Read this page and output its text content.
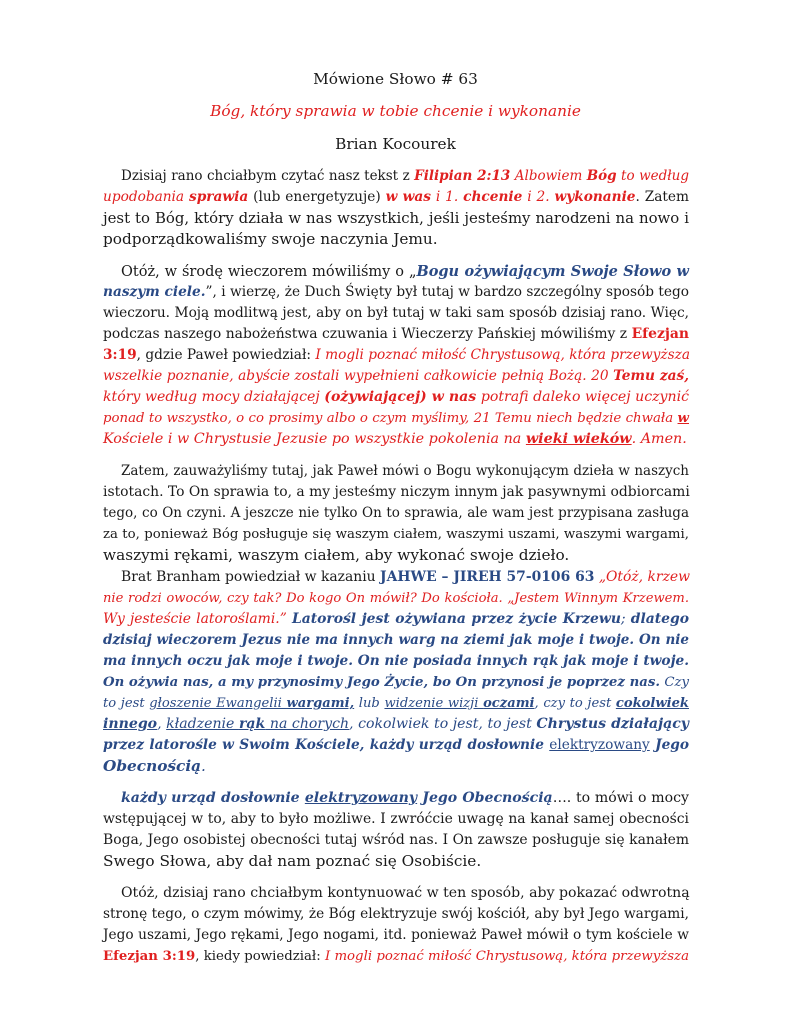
Mówione Słowo # 63
Bóg, który sprawia w tobie chcenie i wykonanie
Brian Kocourek
Dzisiaj rano chciałbym czytać nasz tekst z Filipian 2:13 Albowiem Bóg to według
upodobania sprawia (lub energetyzuje) w was i 1. chcenie i 2. wykonanie. Zatem
jest to Bóg, który działa w nas wszystkich, jeśli jesteśmy narodzeni na nowo i
podporządkowaliśmy swoje naczynia Jemu.
Otóż, w środę wieczorem mówiliśmy o „Bogu ożywiającym Swoje Słowo w
naszym ciele.”, i wierzę, że Duch Święty był tutaj w bardzo szczególny sposób tego
wieczoru. Moją modlitwą jest, aby on był tutaj w taki sam sposób dzisiaj rano. Więc,
podczas naszego nabożeństwa czuwania i Wieczerzy Pańskiej mówiliśmy z Efezjan
3:19, gdzie Paweł powiedział: I mogli poznać miłość Chrystusową, która przewyższa
wszelkie poznanie, abyście zostali wypełnieni całkowicie pełnią Bożą. 20 Temu zaś,
który według mocy działającej (ożywiającej) w nas potrafi daleko więcej uczynić
ponad to wszystko, o co prosimy albo o czym myślimy, 21 Temu niech będzie chwała w
Kościele i w Chrystusie Jezusie po wszystkie pokolenia na wieki wieków. Amen.
Zatem, zauważyliśmy tutaj, jak Paweł mówi o Bogu wykonującym dzieła w naszych
istotach. To On sprawia to, a my jesteśmy niczym innym jak pasywnymi odbiorcami
tego, co On czyni. A jeszcze nie tylko On to sprawia, ale wam jest przypisana zasługa
za to, ponieważ Bóg posługuje się waszym ciałem, waszymi uszami, waszymi wargami,
waszymi rękami, waszym ciałem, aby wykonać swoje dzieło.
Brat Branham powiedział w kazaniu JAHWE – JIREH 57-0106 63 „Otóż, krzew
nie rodzi owoców, czy tak? Do kogo On mówił? Do kościoła. „Jestem Winnym Krzewem.
Wy jesteście latoroślami.” Latorośl jest ożywiana przez życie Krzewu; dlatego
dzisiaj wieczorem Jezus nie ma innych warg na ziemi jak moje i twoje. On nie
ma innych oczu jak moje i twoje. On nie posiada innych rąk jak moje i twoje.
On ożywia nas, a my przynosimy Jego Życie, bo On przynosi je poprzez nas. Czy
to jest głoszenie Ewangelii wargami, lub widzenie wizji oczami, czy to jest cokolwiek
innego, kładzenie rąk na chorych, cokolwiek to jest, to jest Chrystus działający
przez latorośle w Swoim Kościele, każdy urząd dosłownie elektryzowany Jego
Obecnością.
każdy urząd dosłownie elektryzowany Jego Obecnością…. to mówi o mocy
wstępującej w to, aby to było możliwe. I zwróćcie uwagę na kanał samej obecności
Boga, Jego osobistej obecności tutaj wśród nas. I On zawsze posługuje się kanałem
Swego Słowa, aby dał nam poznać się Osobiście.
Otóż, dzisiaj rano chciałbym kontynuować w ten sposób, aby pokazać odwrotną
stronę tego, o czym mówimy, że Bóg elektryzuje swój kościół, aby był Jego wargami,
Jego uszami, Jego rękami, Jego nogami, itd. ponieważ Paweł mówił o tym kościele w
Efezjan 3:19, kiedy powiedział: I mogli poznać miłość Chrystusową, która przewyższa
